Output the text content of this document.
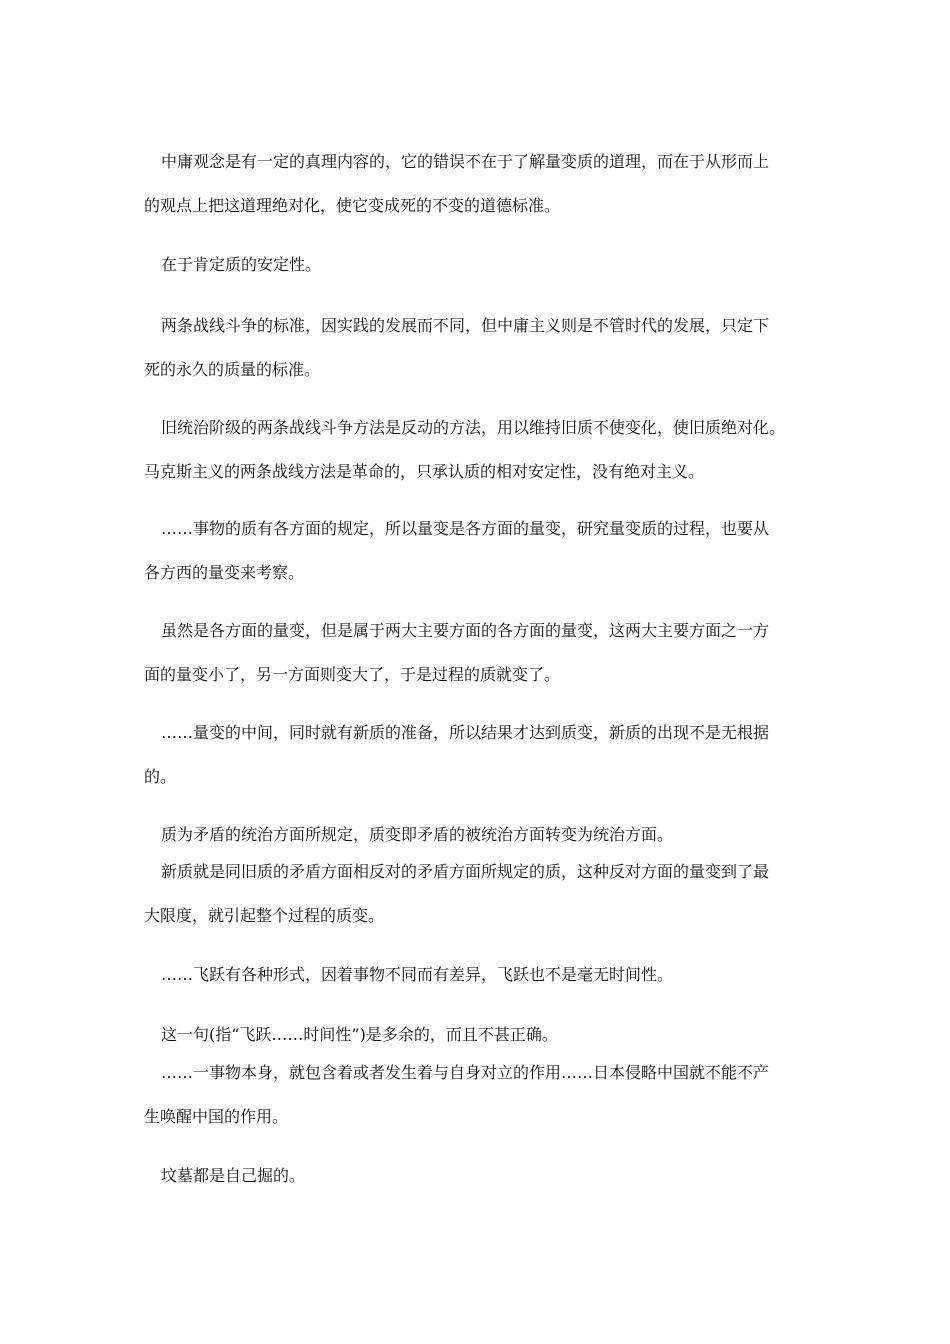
中庸观念是有一定的真理内容的，它的错误不在于了解量变质的道理，而在于从形而上
的观点上把这道理绝对化，使它变成死的不变的道德标准。

在于肯定质的安定性。

两条战线斗争的标准，因实践的发展而不同，但中庸主义则是不管时代的发展，只定下
死的永久的质量的标准。

旧统治阶级的两条战线斗争方法是反动的方法，用以维持旧质不使变化，使旧质绝对化。
马克斯主义的两条战线方法是革命的，只承认质的相对安定性，没有绝对主义。

……事物的质有各方面的规定，所以量变是各方面的量变，研究量变质的过程，也要从
各方西的量变来考察。

虽然是各方面的量变，但是属于两大主要方面的各方面的量变，这两大主要方面之一方
面的量变小了，另一方面则变大了，于是过程的质就变了。

……量变的中间，同时就有新质的准备，所以结果才达到质变，新质的出现不是无根据
的。

质为矛盾的统治方面所规定，质变即矛盾的被统治方面转变为统治方面。

新质就是同旧质的矛盾方面相反对的矛盾方面所规定的质，这种反对方面的量变到了最
大限度，就引起整个过程的质变。

……飞跃有各种形式，因着事物不同而有差异，飞跃也不是毫无时间性。

这一句(指“飞跃……时间性”)是多余的，而且不甚正确。

……一事物本身，就包含着或者发生着与自身对立的作用……日本侵略中国就不能不产
生唤醒中国的作用。

坟墓都是自己掘的。
